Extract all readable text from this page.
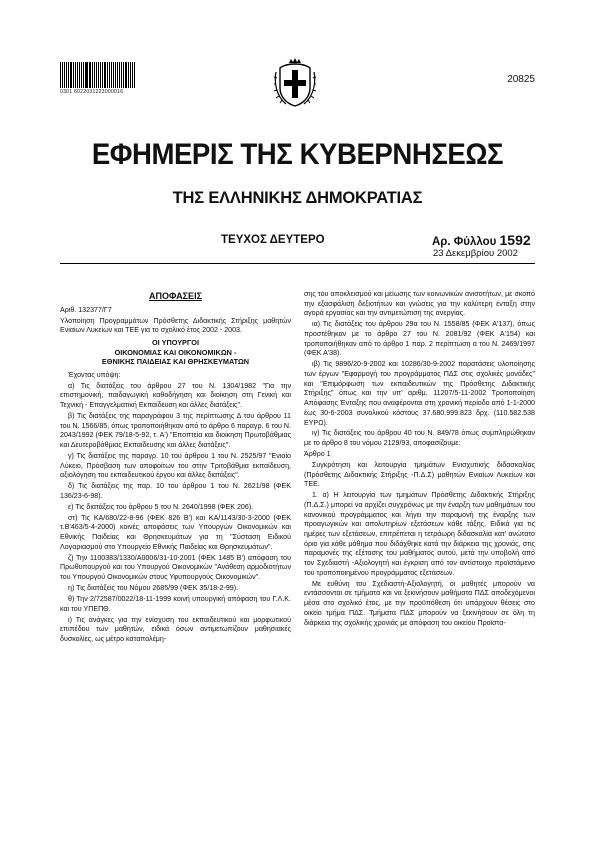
0301 6022031223000016
20825
ΕΦΗΜΕΡΙΣ ΤΗΣ ΚΥΒΕΡΝΗΣΕΩΣ
ΤΗΣ ΕΛΛΗΝΙΚΗΣ ΔΗΜΟΚΡΑΤΙΑΣ
ΤΕΥΧΟΣ ΔΕΥΤΕΡΟ	Αρ. Φύλλου 1592
23 Δεκεμβρίου 2002
ΑΠΟΦΑΣΕΙΣ

Αριθ. 132377/Γ7

Υλοποίηση Προγραμμάτων Πρόσθετης Διδακτικής Στήριξης μαθητών Ενιαίων Λυκείων και ΤΕΕ για το σχολικό έτος 2002 - 2003.

ΟΙ ΥΠΟΥΡΓΟΙ
ΟΙΚΟΝΟΜΙΑΣ ΚΑΙ ΟΙΚΟΝΟΜΙΚΩΝ -
ΕΘΝΙΚΗΣ ΠΑΙΔΕΙΑΣ ΚΑΙ ΘΡΗΣΚΕΥΜΑΤΩΝ

Έχοντας υπόψη:

α) Τις διατάξεις του άρθρου 27 του Ν. 1304/1982 "Για την επιστημονική, παιδαγωγική καθοδήγηση και διοίκηση στη Γενική και Τεχνική - Επαγγελματική Εκπαίδευση και άλλες διατάξεις".

β) Τις διατάξεις της παραγράφου 3 της περίπτωσης Δ του άρθρου 11 του Ν. 1566/85, όπως τροποποιήθηκαν από το άρθρο 6 παραγρ. 6 του Ν. 2043/1992 (ΦΕΚ 79/18-5-92, τ. Α') "Εποπτεία και διοίκηση Πρωτοβάθμιας και Δευτεροβάθμιας Εκπαίδευσης και άλλες διατάξεις".

γ) Τις διατάξεις της παραγρ. 10 του άρθρου 1 του Ν. 2525/97 "Ενιαίο Λύκειο, Πρόσβαση των αποφοίτων του στην Τριτοβάθμια εκπαίδευση, αξιολόγηση του εκπαιδευτικού έργου και άλλες διατάξεις".

δ) Τις διατάξεις της παρ. 10 του άρθρου 1 του Ν. 2621/98 (ΦΕΚ 136/23-6-98).

ε) Τις διατάξεις του άρθρου 5 του Ν. 2640/1998 (ΦΕΚ 206).

στ) Τις ΚΑ/680/22-8-96 (ΦΕΚ 826 Β') και ΚΑ/1143/30-3-2000 (ΦΕΚ τ.Β'463/5-4-2000) κοινές αποφάσεις των Υπουργών Οικονομικών και Εθνικής Παιδείας και Θρησκευμάτων για τη "Σύσταση Ειδικού Λογαριασμού στο Υπουργείο Εθνικής Παιδείας και Θρησκευμάτων".

ζ) Την 1100383/1330/Α0006/31-10-2001 (ΦΕΚ 1485 Β') απόφαση του Πρωθυπουργού και του Υπουργού Οικονομικών "Ανάθεση αρμοδιοτήτων του Υπουργού Οικονομικών στους Υφυπουργούς Οικονομικών".

η) Τις διατάξεις του Νόμου 2685/99 (ΦΕΚ 35/18-2-99).

θ) Την 2/72587/0022/18-11-1999 κοινή υπουργική απόφαση του Γ.Λ.Κ. και του ΥΠΕΠΘ.

ι) Τις ανάγκες για την ενίσχυση του εκπαιδευτικού και μορφωτικού επιπέδου των μαθητών, ειδικά όσων αντιμετωπίζουν μαθησιακές δυσκολίες, ως μέτρο καταπολέμη-

σης του αποκλεισμού και μείωσης των κοινωνικών ανισοτήτων, με σκοπό την εξασφάλιση δεξιοτήτων και γνώσεις για την καλύτερη ένταξη στην αγορά εργασίας και την αντιμετώπιση της ανεργίας.

ια) Τις διατάξεις του άρθρου 29α του Ν. 1558/85 (ΦΕΚ Α'137), όπως προστέθηκαν με το άρθρο 27 του Ν. 2081/92 (ΦΕΚ Α'154) και τροποποιήθηκαν από το άρθρο 1 παρ. 2 περίπτωση α του Ν. 2469/1997 (ΦΕΚ Α'38).

ιβ) Τις 9896/20-9-2002 και 10286/30-9-2002 παρατάσεις υλοποίησης των έργων "Εφαρμογή του προγράμματος ΠΔΣ στις σχολικές μονάδες" και "Επιμόρφωση των εκπαιδευτικών της Πρόσθετης Διδακτικής Στήριξης" όπως και την υπ' αριθμ. 11207/5-11-2002 Τροποποίηση Απόφασης Ένταξης που αναφέρονται στη χρονική περίοδο από 1-1-2000 έως 30-6-2003 συνολικού κόστους 37.680.999.823 δρχ. (110.582.538 ΕΥΡΩ).

ιγ) Τις διατάξεις του άρθρου 40 του Ν. 849/78 όπως συμπληρώθηκαν με το άρθρο 8 του νόμου 2129/93, αποφασίζουμε:

Άρθρο 1

Συγκρότηση και λειτουργία τμημάτων Ενισχυτικής διδασκαλίας (Πρόσθετης Διδακτικής Στήριξης -Π.Δ.Σ) μαθητών Ενιαίων Λυκείων και ΤΕΕ.

1. α) Η λειτουργία των τμημάτων Πρόσθετης Διδακτικής Στήριξης (Π.Δ.Σ.) μπορεί να αρχίζει συγχρόνως με την έναρξη των μαθημάτων του κανονικού προγράμματος και λήγει την παραμονή της έναρξης των προαγωγικών και απολυτηρίων εξετάσεων κάθε τάξης. Ειδικά για τις ημέρες των εξετάσεων, επιτρέπεται η τετράωρη διδασκαλία κατ' ανώτατο όριο για κάθε μάθημα που διδάχθηκε κατά την διάρκεια της χρονιάς, στις παραμονές της εξέτασης του μαθήματος αυτού, μετά την υποβολή από τον Σχεδιαστή -Αξιολογητή και έγκριση από τον αντίστοιχο προϊστάμενο του τροποποιημένου προγράμματος εξετάσεων.

Με ευθύνη του Σχεδιαστή-Αξιολογητή, οι μαθητές μπορούν να εντάσσονται σε τμήματα και να ξεκινήσουν μαθήματα ΠΔΣ αποδεχόμενοι μέσα στο σχολικό έτος, με την προϋπόθεση ότι υπάρχουν θέσεις στο οικείο τμήμα ΠΔΣ. Τμήματα ΠΔΣ μπορούν να ξεκινήσουν σε όλη τη διάρκεια της σχολικής χρονιάς με απόφαση του οικείου Προϊστα-
